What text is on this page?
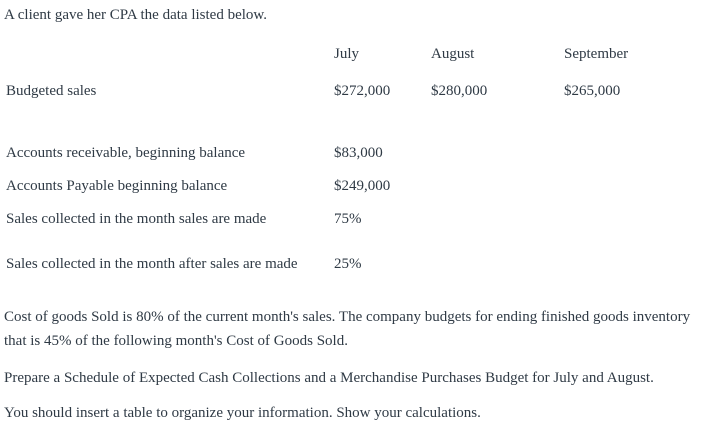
A client gave her CPA the data listed below.
July	August	September
Budgeted sales	$272,000	$280,000	$265,000
Accounts receivable, beginning balance	$83,000
Accounts Payable beginning balance	$249,000
Sales collected in the month sales are made	75%
Sales collected in the month after sales are made 25%
Cost of goods Sold is 80% of the current month's sales. The company budgets for ending finished goods inventory that is 45% of the following month's Cost of Goods Sold.
Prepare a Schedule of Expected Cash Collections and a Merchandise Purchases Budget for July and August.
You should insert a table to organize your information. Show your calculations.
